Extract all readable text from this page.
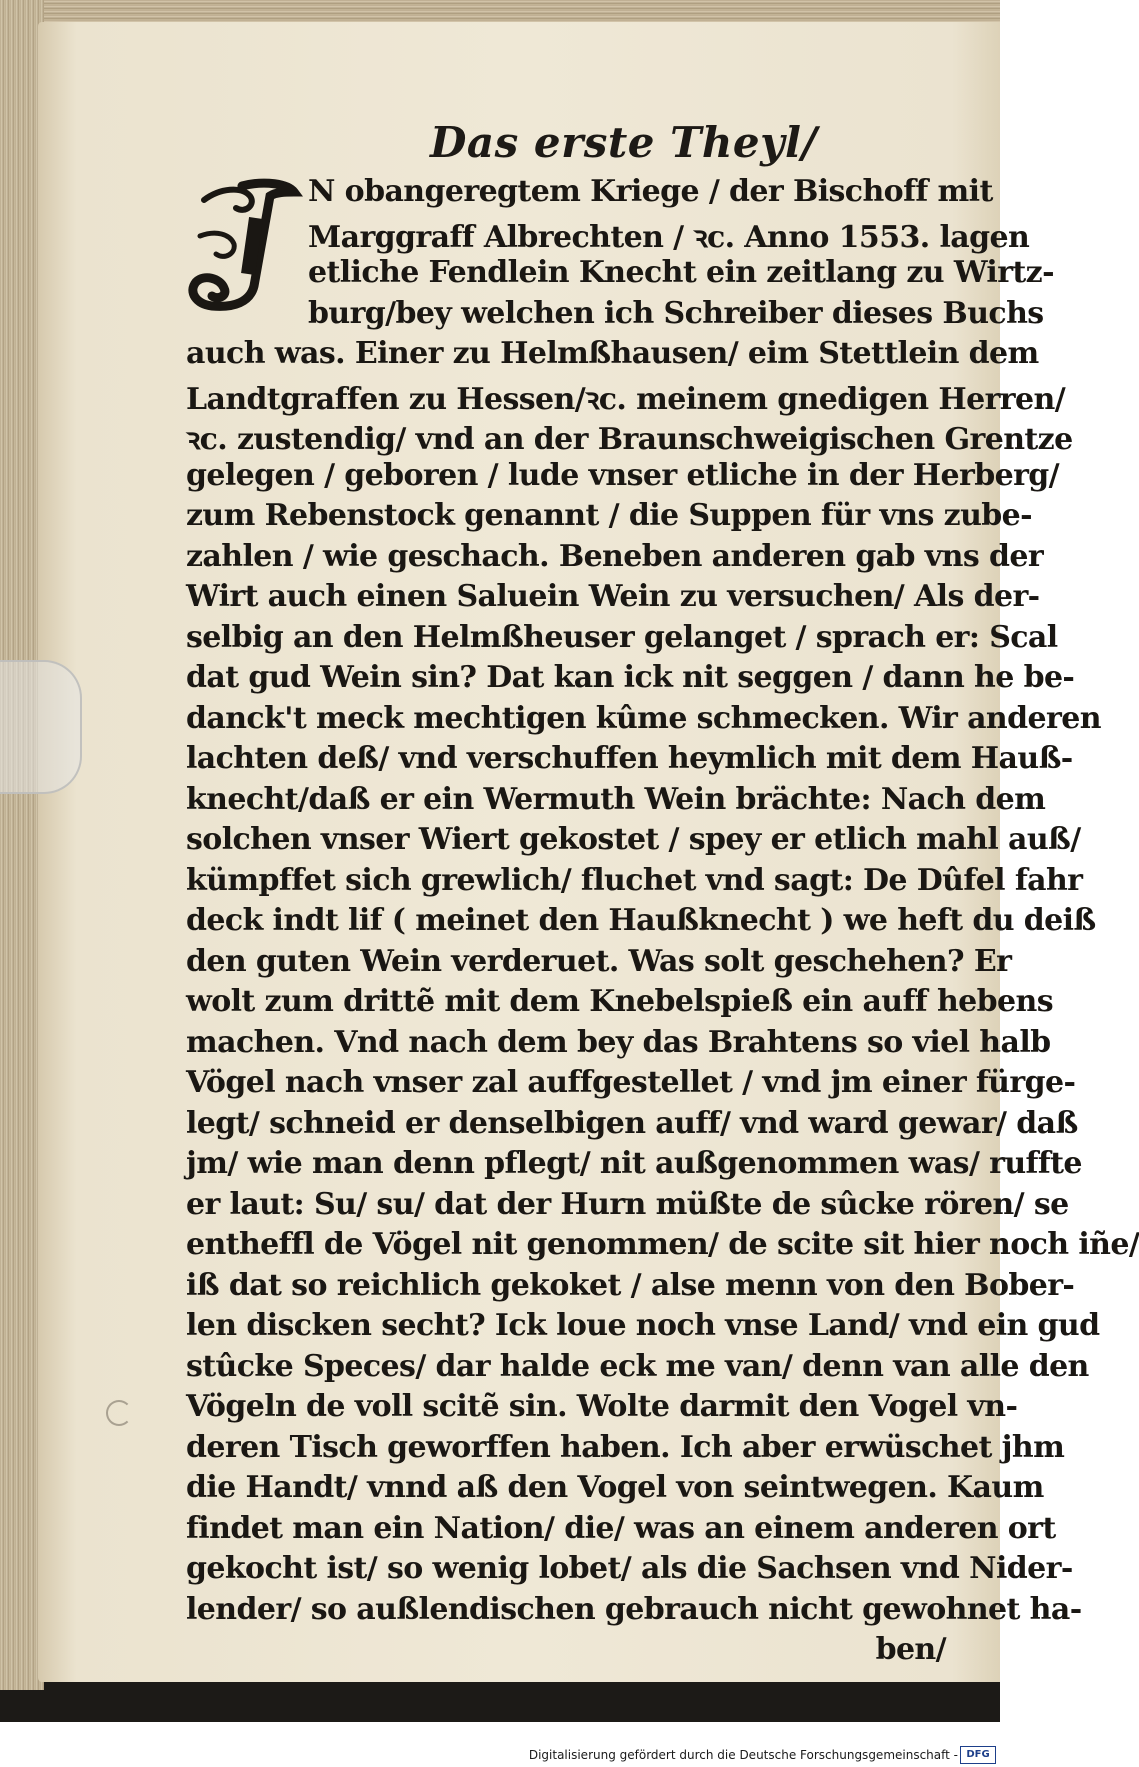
Das erste Theyl/
N obangeregtem Kriege / der Bischoff mit
Marggraff Albrechten / ꝛc. Anno 1553. lagen
etliche Fendlein Knecht ein zeitlang zu Wirtz-
burg/bey welchen ich Schreiber dieses Buchs
auch was. Einer zu Helmßhausen/ eim Stettlein dem
Landtgraffen zu Hessen/ꝛc. meinem gnedigen Herren/
ꝛc. zustendig/ vnd an der Braunschweigischen Grentze
gelegen / geboren / lude vnser etliche in der Herberg/
zum Rebenstock genannt / die Suppen für vns zube-
zahlen / wie geschach. Beneben anderen gab vns der
Wirt auch einen Saluein Wein zu versuchen/ Als der-
selbig an den Helmßheuser gelanget / sprach er: Scal
dat gud Wein sin? Dat kan ick nit seggen / dann he be-
danck't meck mechtigen kûme schmecken. Wir anderen
lachten deß/ vnd verschuffen heymlich mit dem Hauß-
knecht/daß er ein Wermuth Wein brächte: Nach dem
solchen vnser Wiert gekostet / spey er etlich mahl auß/
kümpffet sich grewlich/ fluchet vnd sagt: De Dûfel fahr
deck indt lif ( meinet den Haußknecht ) we heft du deiß
den guten Wein verderuet. Was solt geschehen? Er
wolt zum drittẽ mit dem Knebelspieß ein auff hebens
machen. Vnd nach dem bey das Brahtens so viel halb
Vögel nach vnser zal auffgestellet / vnd jm einer fürge-
legt/ schneid er denselbigen auff/ vnd ward gewar/ daß
jm/ wie man denn pflegt/ nit außgenommen was/ ruffte
er laut: Su/ su/ dat der Hurn müßte de sûcke rören/ se
entheffl de Vögel nit genommen/ de scite sit hier noch iñe/
iß dat so reichlich gekoket / alse menn von den Bober-
len discken secht? Ick loue noch vnse Land/ vnd ein gud
stûcke Speces/ dar halde eck me van/ denn van alle den
Vögeln de voll scitẽ sin. Wolte darmit den Vogel vn-
deren Tisch geworffen haben. Ich aber erwüschet jhm
die Handt/ vnnd aß den Vogel von seintwegen. Kaum
findet man ein Nation/ die/ was an einem anderen ort
gekocht ist/ so wenig lobet/ als die Sachsen vnd Nider-
lender/ so außlendischen gebrauch nicht gewohnet ha-
ben/
Digitalisierung gefördert durch die Deutsche Forschungsgemeinschaft - DFG
